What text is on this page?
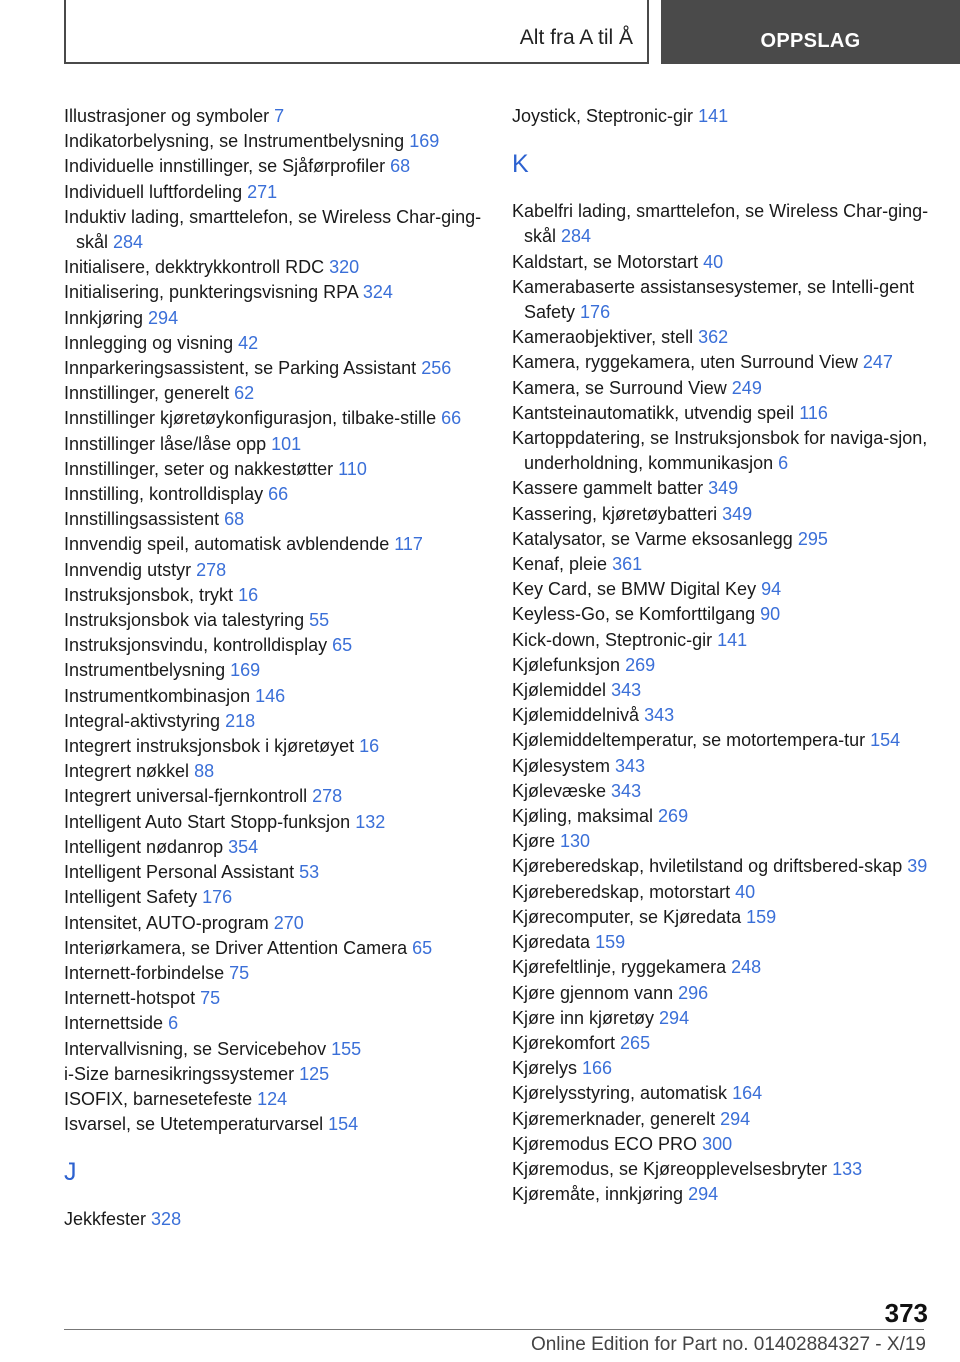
Alt fra A til Å	OPPSLAG

Illustrasjoner og symboler 7

Indikatorbelysning, se Instrumentbelysning 169

Individuelle innstillinger, se Sjåførprofiler 68

Individuell luftfordeling 271

Induktiv lading, smarttelefon, se Wireless Char-ging-skål 284

Initialisere, dekktrykkontroll RDC 320

Initialisering, punkteringsvisning RPA 324

Innkjøring 294

Innlegging og visning 42

Innparkeringsassistent, se Parking Assistant 256

Innstillinger, generelt 62

Innstillinger kjøretøykonfigurasjon, tilbake-stille 66

Innstillinger låse/låse opp 101

Innstillinger, seter og nakkestøtter 110

Innstilling, kontrolldisplay 66

Innstillingsassistent 68

Innvendig speil, automatisk avblendende 117

Innvendig utstyr 278

Instruksjonsbok, trykt 16

Instruksjonsbok via talestyring 55

Instruksjonsvindu, kontrolldisplay 65

Instrumentbelysning 169

Instrumentkombinasjon 146

Integral-aktivstyring 218

Integrert instruksjonsbok i kjøretøyet 16

Integrert nøkkel 88

Integrert universal-fjernkontroll 278

Intelligent Auto Start Stopp-funksjon 132

Intelligent nødanrop 354

Intelligent Personal Assistant 53

Intelligent Safety 176

Intensitet, AUTO-program 270

Interiørkamera, se Driver Attention Camera 65

Internett-forbindelse 75

Internett-hotspot 75

Internettside 6

Intervallvisning, se Servicebehov 155

i-Size barnesikringssystemer 125

ISOFIX, barnesetefeste 124

Isvarsel, se Utetemperaturvarsel 154

J

Jekkfester 328

Joystick, Steptronic-gir 141

K

Kabelfri lading, smarttelefon, se Wireless Char-ging-skål 284

Kaldstart, se Motorstart 40

Kamerabaserte assistansesystemer, se Intelli-gent Safety 176

Kameraobjektiver, stell 362

Kamera, ryggekamera, uten Surround View 247

Kamera, se Surround View 249

Kantsteinautomatikk, utvendig speil 116

Kartoppdatering, se Instruksjonsbok for naviga-sjon, underholdning, kommunikasjon 6

Kassere gammelt batter 349

Kassering, kjøretøybatteri 349

Katalysator, se Varme eksosanlegg 295

Kenaf, pleie 361

Key Card, se BMW Digital Key 94

Keyless-Go, se Komforttilgang 90

Kick-down, Steptronic-gir 141

Kjølefunksjon 269

Kjølemiddel 343

Kjølemiddelnivå 343

Kjølemiddeltemperatur, se motortempera-tur 154

Kjølesystem 343

Kjølevæske 343

Kjøling, maksimal 269

Kjøre 130

Kjøreberedskap, hviletilstand og driftsbered-skap 39

Kjøreberedskap, motorstart 40

Kjørecomputer, se Kjøredata 159

Kjøredata 159

Kjørefeltlinje, ryggekamera 248

Kjøre gjennom vann 296

Kjøre inn kjøretøy 294

Kjørekomfort 265

Kjørelys 166

Kjørelysstyring, automatisk 164

Kjøremerknader, generelt 294

Kjøremodus ECO PRO 300

Kjøremodus, se Kjøreopplevelsesbryter 133

Kjøremåte, innkjøring 294

373
Online Edition for Part no. 01402884327 - X/19
